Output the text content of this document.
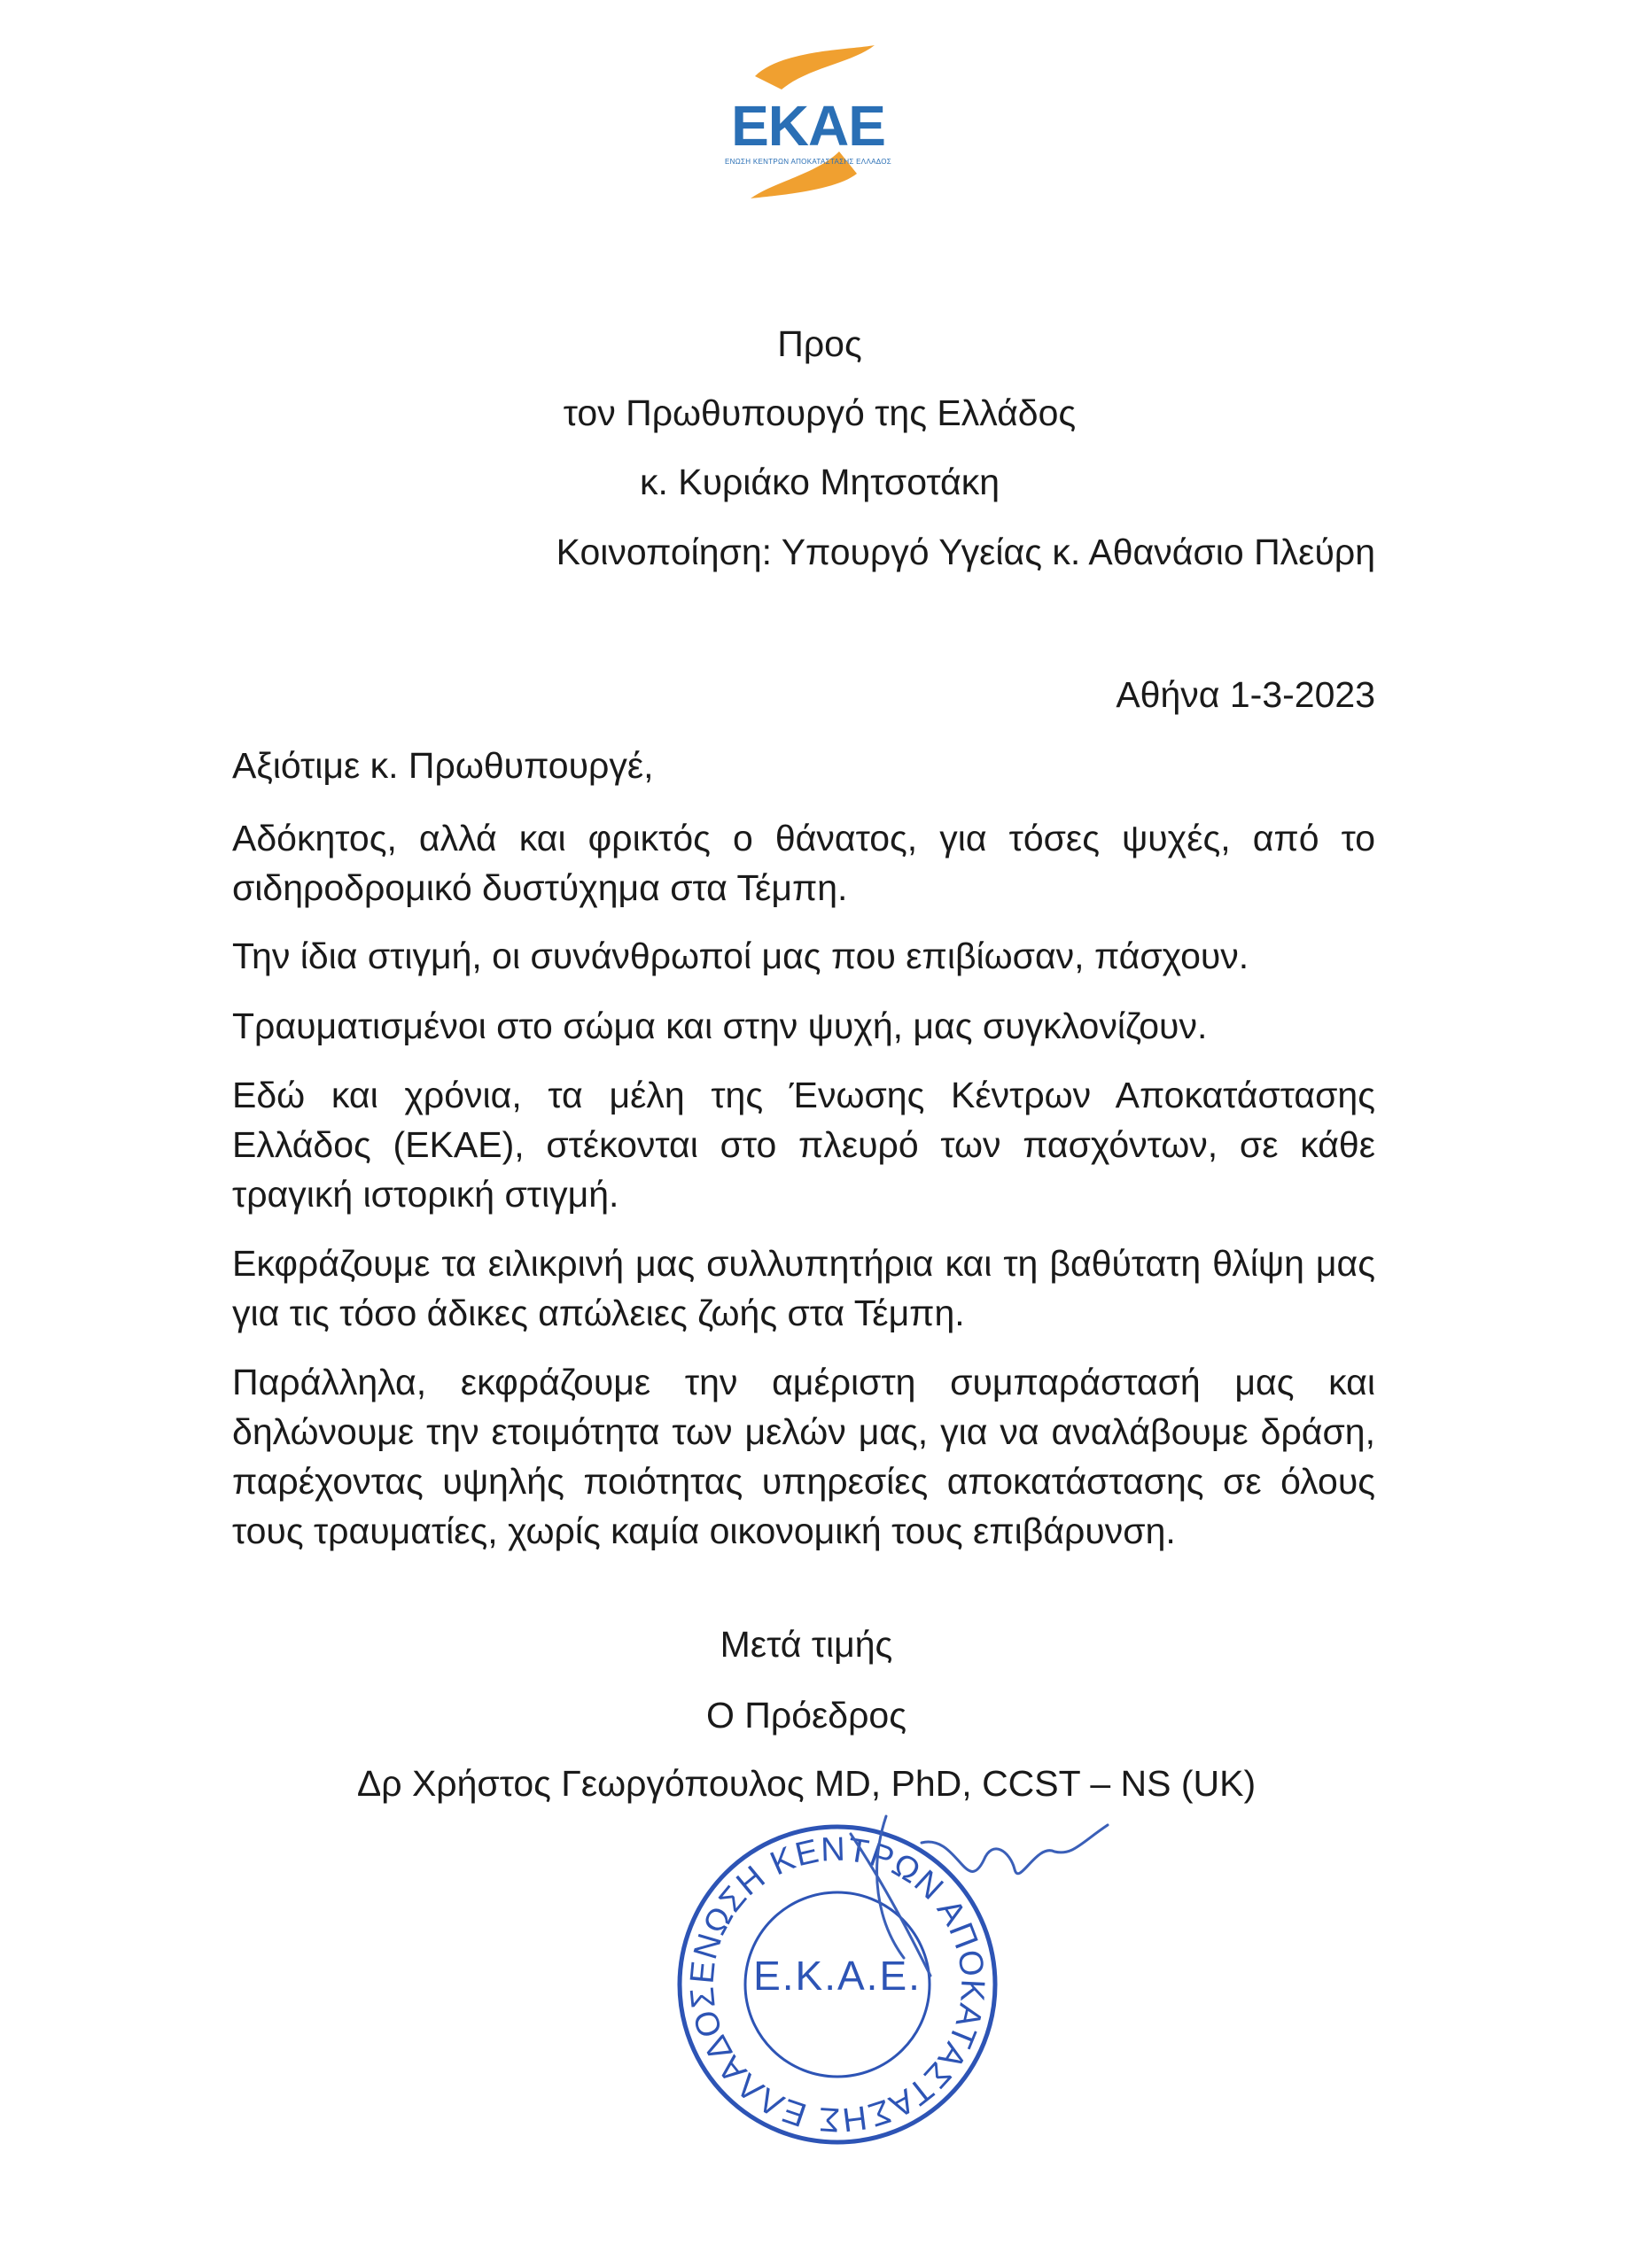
EKAE
ΕΝΩΣΗ ΚΕΝΤΡΩΝ ΑΠΟΚΑΤΑΣΤΑΣΗΣ ΕΛΛΑΔΟΣ
Προς
τον Πρωθυπουργό της Ελλάδος
κ. Κυριάκο Μητσοτάκη
Κοινοποίηση: Υπουργό Υγείας κ. Αθανάσιο Πλεύρη
Αθήνα 1-3-2023
Αξιότιμε κ. Πρωθυπουργέ,
Αδόκητος, αλλά και φρικτός ο θάνατος, για τόσες ψυχές, από το σιδηροδρομικό δυστύχημα στα Τέμπη.
Την ίδια στιγμή, οι συνάνθρωποί μας που επιβίωσαν, πάσχουν.
Τραυματισμένοι στο σώμα και στην ψυχή, μας συγκλονίζουν.
Εδώ και χρόνια, τα μέλη της Ένωσης Κέντρων Αποκατάστασης Ελλάδος (ΕΚΑΕ), στέκονται στο πλευρό των πασχόντων, σε κάθε τραγική ιστορική στιγμή.
Εκφράζουμε τα ειλικρινή μας συλλυπητήρια και τη βαθύτατη θλίψη μας για τις τόσο άδικες απώλειες ζωής στα Τέμπη.
Παράλληλα, εκφράζουμε την αμέριστη συμπαράστασή μας και δηλώνουμε την ετοιμότητα των μελών μας, για να αναλάβουμε δράση, παρέχοντας υψηλής ποιότητας υπηρεσίες αποκατάστασης σε όλους τους τραυματίες, χωρίς καμία οικονομική τους επιβάρυνση.
Μετά τιμής
Ο Πρόεδρος
Δρ Χρήστος Γεωργόπουλος MD, PhD, CCST – NS (UK)
ΕΝΩΣΗ ΚΕΝΤΡΩΝ ΑΠΟΚΑΤΑΣΤΑΣΗΣ ΕΛΛΑΔΟΣ Ε.Κ.Α.Ε.
